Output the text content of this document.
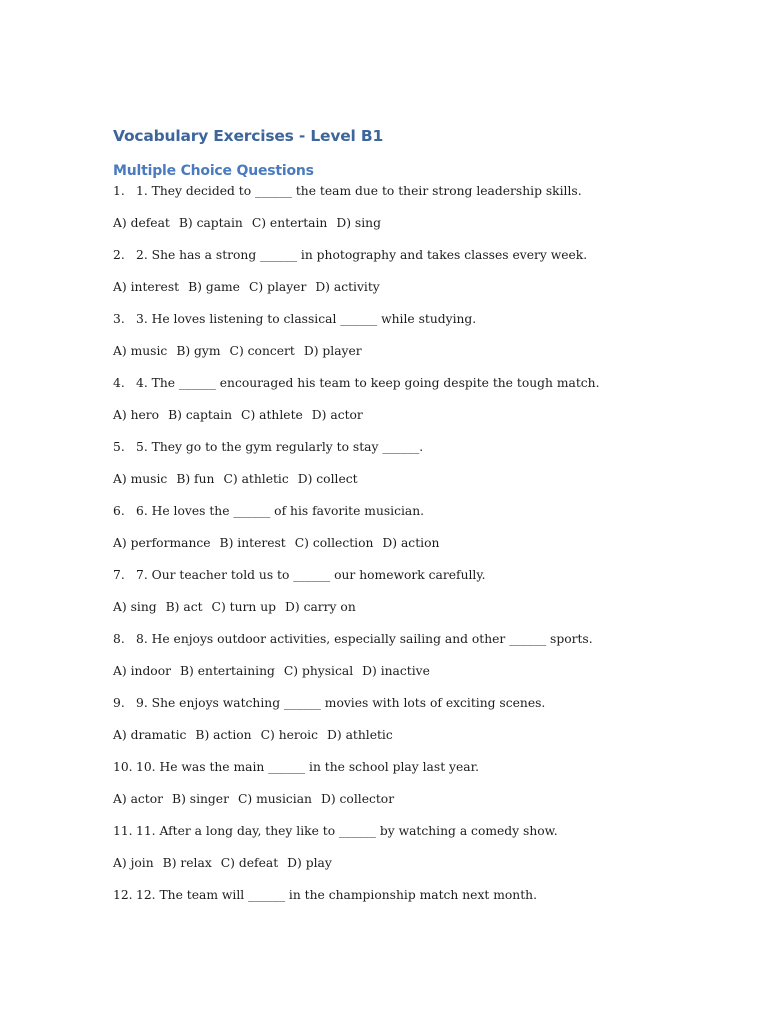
Vocabulary Exercises - Level B1
Multiple Choice Questions
1. 1. They decided to ______ the team due to their strong leadership skills.
A) defeat B) captain C) entertain D) sing
2. 2. She has a strong ______ in photography and takes classes every week.
A) interest B) game C) player D) activity
3. 3. He loves listening to classical ______ while studying.
A) music B) gym C) concert D) player
4. 4. The ______ encouraged his team to keep going despite the tough match.
A) hero B) captain C) athlete D) actor
5. 5. They go to the gym regularly to stay ______.
A) music B) fun C) athletic D) collect
6. 6. He loves the ______ of his favorite musician.
A) performance B) interest C) collection D) action
7. 7. Our teacher told us to ______ our homework carefully.
A) sing B) act C) turn up D) carry on
8. 8. He enjoys outdoor activities, especially sailing and other ______ sports.
A) indoor B) entertaining C) physical D) inactive
9. 9. She enjoys watching ______ movies with lots of exciting scenes.
A) dramatic B) action C) heroic D) athletic
10. 10. He was the main ______ in the school play last year.
A) actor B) singer C) musician D) collector
11. 11. After a long day, they like to ______ by watching a comedy show.
A) join B) relax C) defeat D) play
12. 12. The team will ______ in the championship match next month.
